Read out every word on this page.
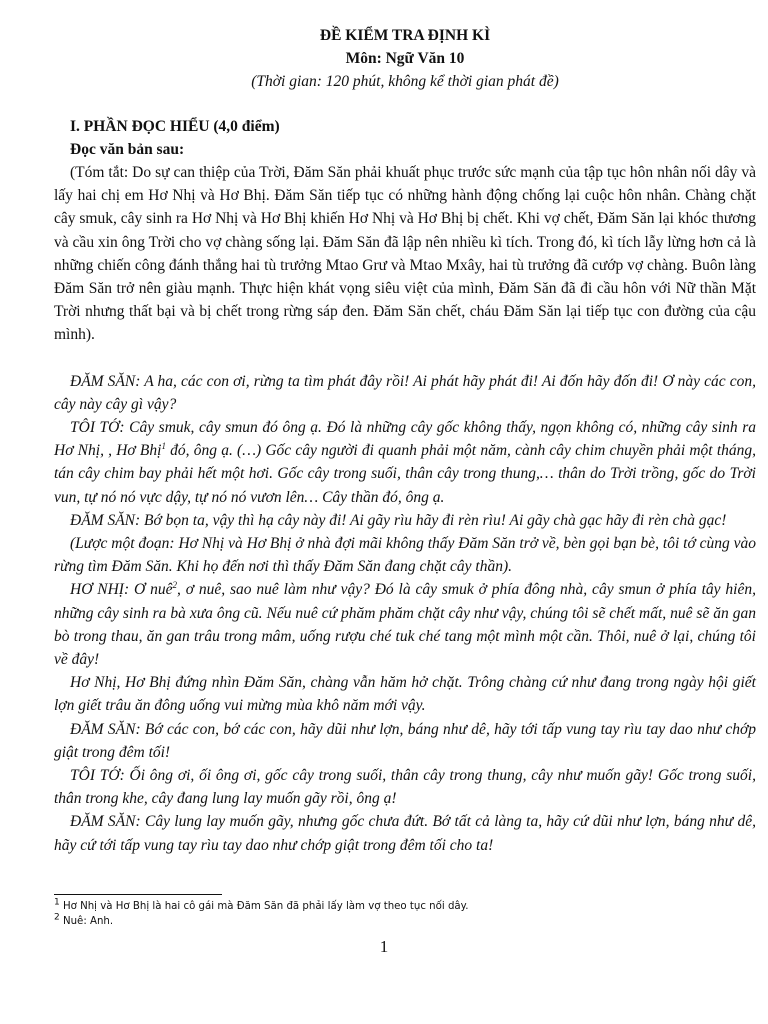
ĐỀ KIỂM TRA ĐỊNH KÌ
Môn: Ngữ Văn 10
(Thời gian: 120 phút, không kể thời gian phát đề)
I. PHẦN ĐỌC HIỂU (4,0 điểm)
Đọc văn bản sau:

(Tóm tắt: Do sự can thiệp của Trời, Đăm Săn phải khuất phục trước sức mạnh của tập tục hôn nhân nối dây và lấy hai chị em Hơ Nhị và Hơ Bhị. Đăm Săn tiếp tục có những hành động chống lại cuộc hôn nhân. Chàng chặt cây smuk, cây sinh ra Hơ Nhị và Hơ Bhị khiến Hơ Nhị và Hơ Bhị bị chết. Khi vợ chết, Đăm Săn lại khóc thương và cầu xin ông Trời cho vợ chàng sống lại. Đăm Săn đã lập nên nhiều kì tích. Trong đó, kì tích lẫy lừng hơn cả là những chiến công đánh thắng hai tù trưởng Mtao Grư và Mtao Mxây, hai tù trưởng đã cướp vợ chàng. Buôn làng Đăm Săn trở nên giàu mạnh. Thực hiện khát vọng siêu việt của mình, Đăm Săn đã đi cầu hôn với Nữ thần Mặt Trời nhưng thất bại và bị chết trong rừng sáp đen. Đăm Săn chết, cháu Đăm Săn lại tiếp tục con đường của cậu mình).

ĐĂM SĂN: A ha, các con ơi, rừng ta tìm phát đây rồi! Ai phát hãy phát đi! Ai đốn hãy đốn đi! Ơ này các con, cây này cây gì vậy?

TÔI TỚ: Cây smuk, cây smun đó ông ạ. Đó là những cây gốc không thấy, ngọn không có, những cây sinh ra Hơ Nhị, , Hơ Bhị$^1$ đó, ông ạ. (…) Gốc cây người đi quanh phải một năm, cành cây chim chuyền phải một tháng, tán cây chim bay phải hết một hơi. Gốc cây trong suối, thân cây trong thung,… thân do Trời trồng, gốc do Trời vun, tự nó nó vực dậy, tự nó nó vươn lên… Cây thần đó, ông ạ.

ĐĂM SĂN: Bớ bọn ta, vậy thì hạ cây này đi! Ai gãy rìu hãy đi rèn rìu! Ai gãy chà gạc hãy đi rèn chà gạc!

(Lược một đoạn: Hơ Nhị và Hơ Bhị ở nhà đợi mãi không thấy Đăm Săn trở về, bèn gọi bạn bè, tôi tớ cùng vào rừng tìm Đăm Săn. Khi họ đến nơi thì thấy Đăm Săn đang chặt cây thần).

HƠ NHỊ: Ơ nuê$^2$, ơ nuê, sao nuê làm như vậy? Đó là cây smuk ở phía đông nhà, cây smun ở phía tây hiên, những cây sinh ra bà xưa ông cũ. Nếu nuê cứ phăm phăm chặt cây như vậy, chúng tôi sẽ chết mất, nuê sẽ ăn gan bò trong thau, ăn gan trâu trong mâm, uống rượu ché tuk ché tang một mình một cần. Thôi, nuê ở lại, chúng tôi về đây!

Hơ Nhị, Hơ Bhị đứng nhìn Đăm Săn, chàng vẫn hăm hở chặt. Trông chàng cứ như đang trong ngày hội giết lợn giết trâu ăn đông uống vui mừng mùa khô năm mới vậy.

ĐĂM SĂN: Bớ các con, bớ các con, hãy dũi như lợn, báng như dê, hãy tới tấp vung tay rìu tay dao như chớp giật trong đêm tối!

TÔI TỚ: Ối ông ơi, ối ông ơi, gốc cây trong suối, thân cây trong thung, cây như muốn gãy! Gốc trong suối, thân trong khe, cây đang lung lay muốn gãy rồi, ông ạ!

ĐĂM SĂN: Cây lung lay muốn gãy, nhưng gốc chưa đứt. Bớ tất cả làng ta, hãy cứ dũi như lợn, báng như dê, hãy cứ tới tấp vung tay rìu tay dao như chớp giật trong đêm tối cho ta!

$^1$ Hơ Nhị và Hơ Bhị là hai cô gái mà Đăm Săn đã phải lấy làm vợ theo tục nối dây.
$^2$ Nuê: Anh.
1
